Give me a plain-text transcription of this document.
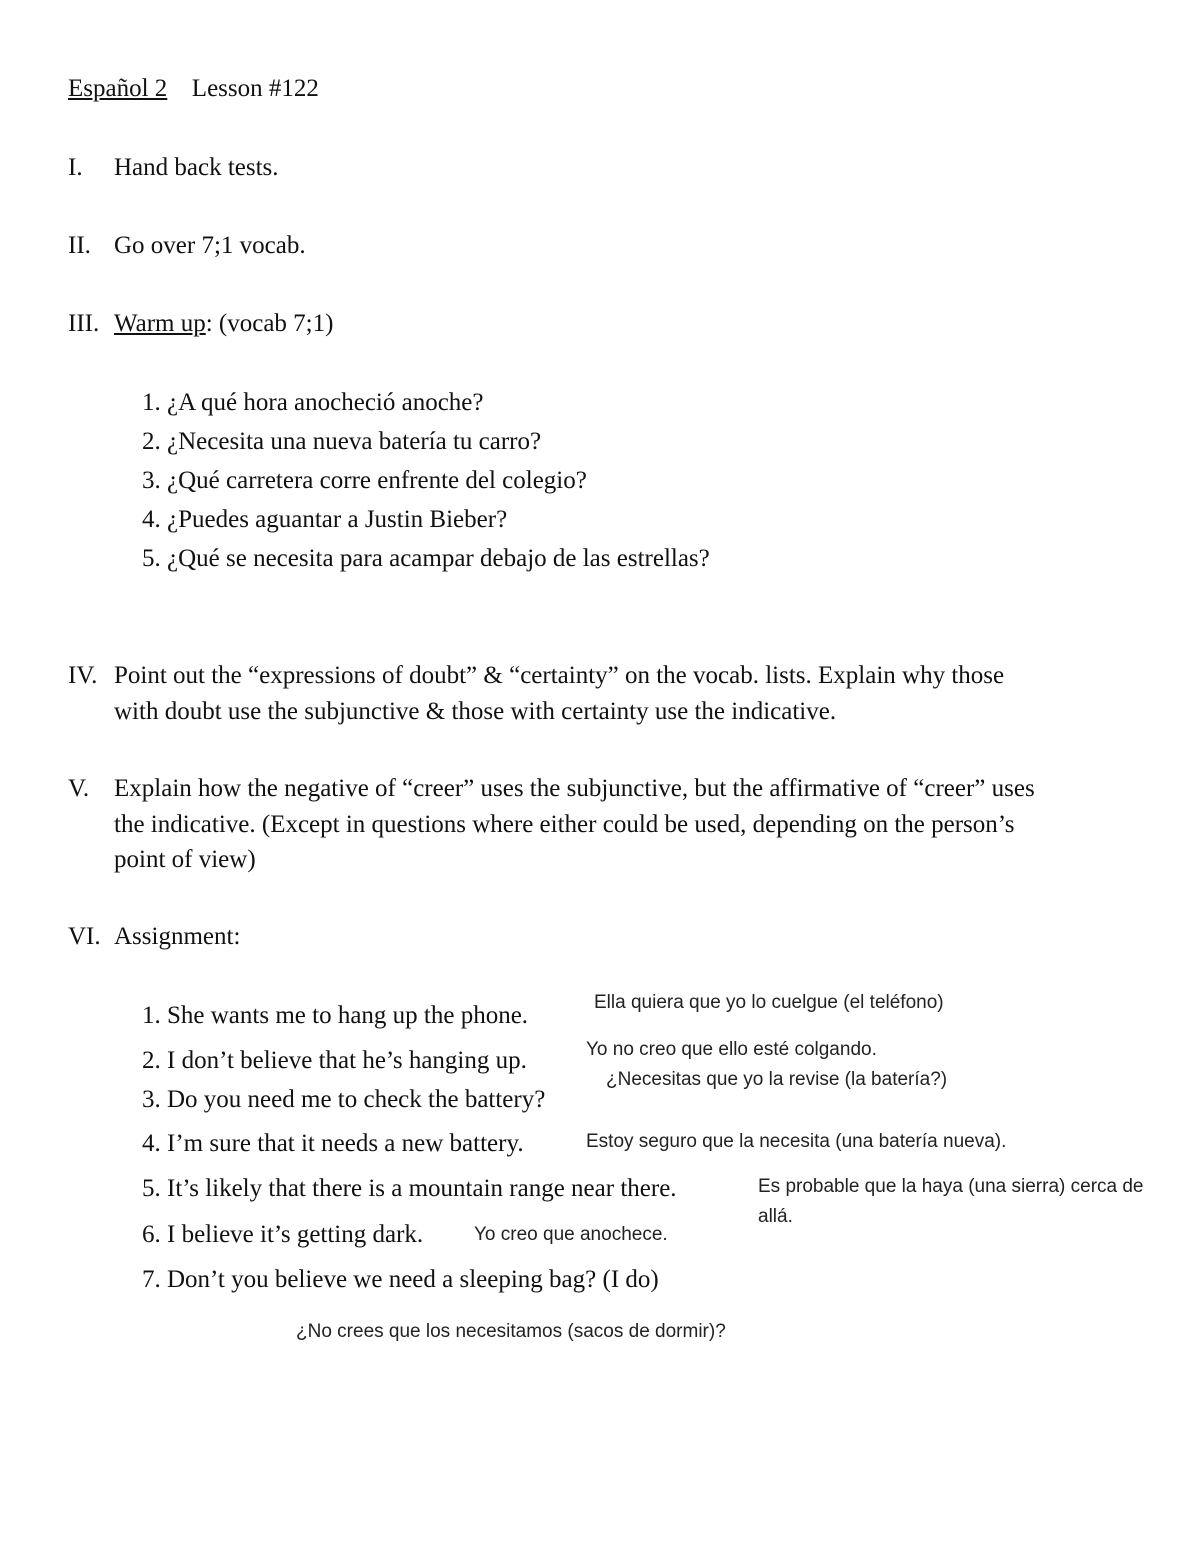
Español 2 Lesson #122
I. Hand back tests.
II. Go over 7;1 vocab.
III. Warm up: (vocab 7;1)
1. ¿A qué hora anocheció anoche?
2. ¿Necesita una nueva batería tu carro?
3. ¿Qué carretera corre enfrente del colegio?
4. ¿Puedes aguantar a Justin Bieber?
5. ¿Qué se necesita para acampar debajo de las estrellas?
IV. Point out the “expressions of doubt” & “certainty” on the vocab. lists. Explain why those
with doubt use the subjunctive & those with certainty use the indicative.
V. Explain how the negative of “creer” uses the subjunctive, but the affirmative of “creer” uses
the indicative. (Except in questions where either could be used, depending on the person’s
point of view)
VI. Assignment:
1. She wants me to hang up the phone.
2. I don’t believe that he’s hanging up.
3. Do you need me to check the battery?
4. I’m sure that it needs a new battery.
5. It’s likely that there is a mountain range near there.
6. I believe it’s getting dark.
7. Don’t you believe we need a sleeping bag? (I do)
Ella quiera que yo lo cuelgue (el teléfono)
Yo no creo que ello esté colgando.
¿Necesitas que yo la revise (la batería?)
Estoy seguro que la necesita (una batería nueva).
Es probable que la haya (una sierra) cerca de
allá.
Yo creo que anochece.
¿No crees que los necesitamos (sacos de dormir)?
